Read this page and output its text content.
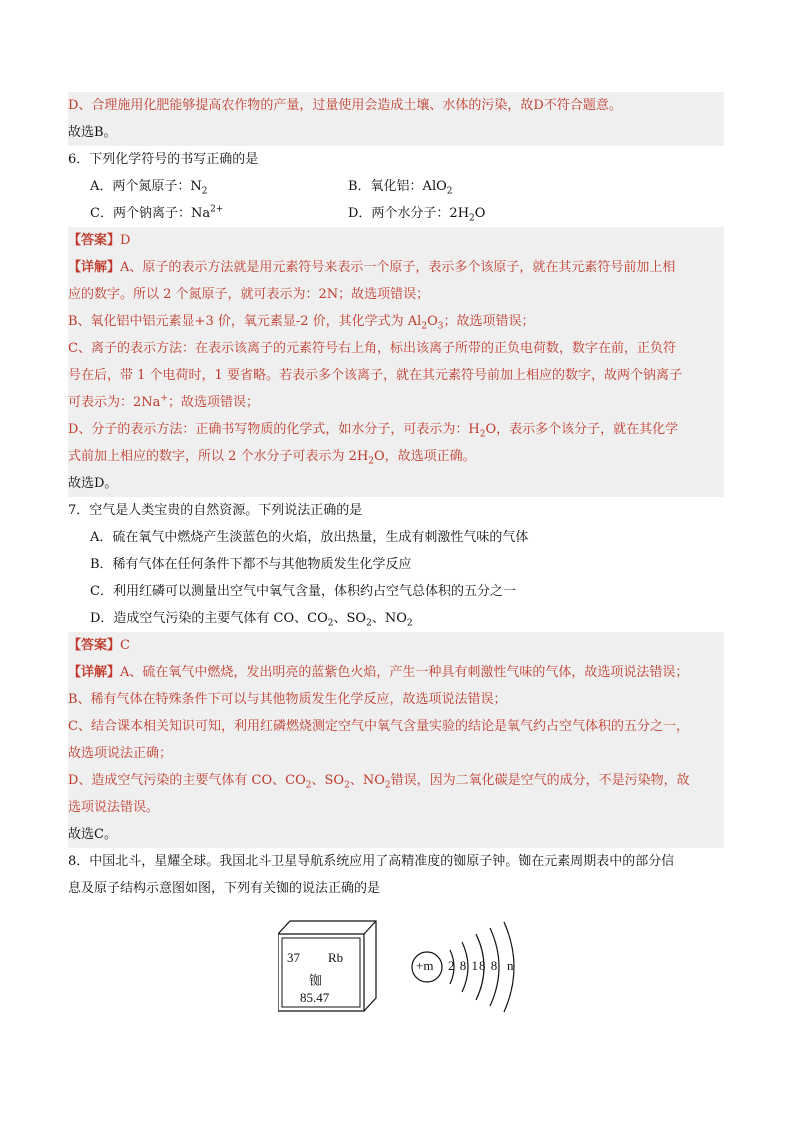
D、合理施用化肥能够提高农作物的产量，过量使用会造成土壤、水体的污染，故D不符合题意。
故选B。
6．下列化学符号的书写正确的是
A．两个氮原子：$N_2$	B．氧化铝：AlO$_2$
C．两个钠离子：$Na^{2+}$	D．两个水分子：$2H_2O$
【答案】D
【详解】A、原子的表示方法就是用元素符号来表示一个原子，表示多个该原子，就在其元素符号前加上相
应的数字。所以 2 个氮原子，就可表示为：2N；故选项错误；
B、氧化铝中铝元素显+3 价，氧元素显-2 价，其化学式为 $Al_2O_3$；故选项错误；
C、离子的表示方法：在表示该离子的元素符号右上角，标出该离子所带的正负电荷数，数字在前，正负符
号在后，带 1 个电荷时，1 要省略。若表示多个该离子，就在其元素符号前加上相应的数字，故两个钠离子
可表示为：2Na+；故选项错误；
D、分子的表示方法：正确书写物质的化学式，如水分子，可表示为：$H_2O$，表示多个该分子，就在其化学
式前加上相应的数字，所以 2 个水分子可表示为 $2H_2O$，故选项正确。
故选D。
7．空气是人类宝贵的自然资源。下列说法正确的是
A．硫在氧气中燃烧产生淡蓝色的火焰，放出热量，生成有刺激性气味的气体
B．稀有气体在任何条件下都不与其他物质发生化学反应
C．利用红磷可以测量出空气中氧气含量，体积约占空气总体积的五分之一
D．造成空气污染的主要气体有 CO、$CO_2$、$SO_2$、$NO_2$
【答案】C
【详解】A、硫在氧气中燃烧，发出明亮的蓝紫色火焰，产生一种具有刺激性气味的气体，故选项说法错误；
B、稀有气体在特殊条件下可以与其他物质发生化学反应，故选项说法错误；
C、结合课本相关知识可知，利用红磷燃烧测定空气中氧气含量实验的结论是氧气约占空气体积的五分之一，
故选项说法正确；
D、造成空气污染的主要气体有 CO、$CO_2$、$SO_2$、$NO_2$错误，因为二氧化碳是空气的成分，不是污染物，故
选项说法错误。
故选C。
8．中国北斗，星耀全球。我国北斗卫星导航系统应用了高精准度的铷原子钟。铷在元素周期表中的部分信
息及原子结构示意图如图，下列有关铷的说法正确的是
37 Rb
铷
85.47
+m 2 8 18 8 n
